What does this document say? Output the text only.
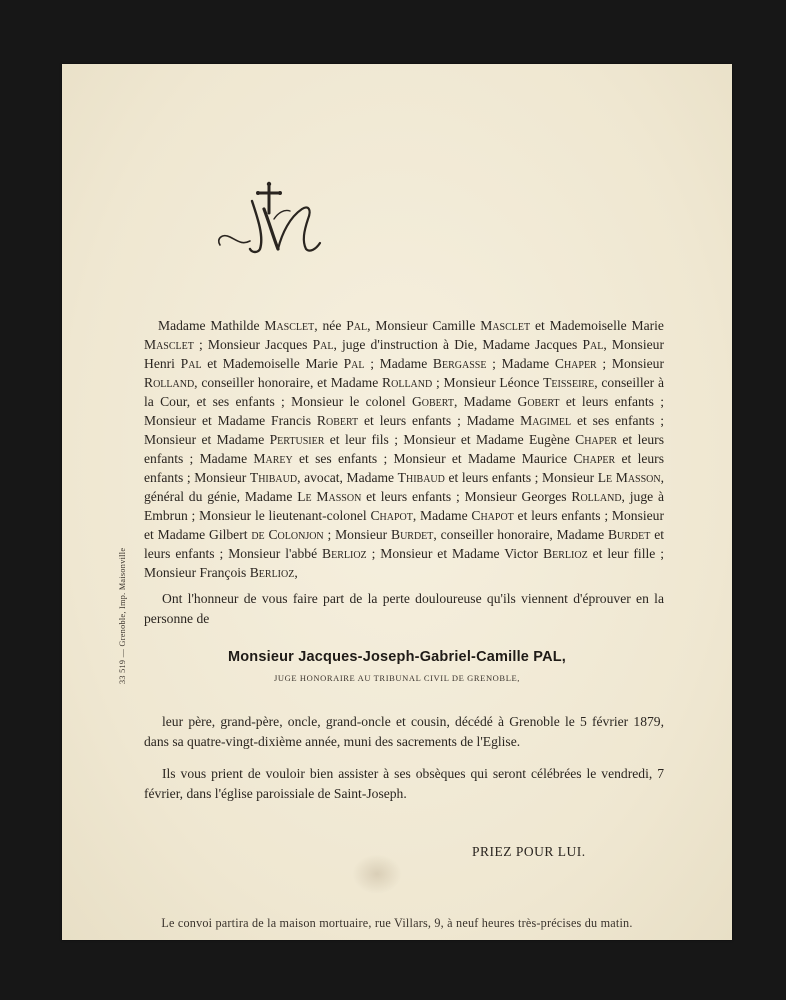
Madame Mathilde Masclet, née Pal, Monsieur Camille Masclet et Mademoiselle Marie Masclet ; Monsieur Jacques Pal, juge d'instruction à Die, Madame Jacques Pal, Monsieur Henri Pal et Mademoiselle Marie Pal ; Madame Bergasse ; Madame Chaper ; Monsieur Rolland, conseiller honoraire, et Madame Rolland ; Monsieur Léonce Teisseire, conseiller à la Cour, et ses enfants ; Monsieur le colonel Gobert, Madame Gobert et leurs enfants ; Monsieur et Madame Francis Robert et leurs enfants ; Madame Magimel et ses enfants ; Monsieur et Madame Pertusier et leur fils ; Monsieur et Madame Eugène Chaper et leurs enfants ; Madame Marey et ses enfants ; Monsieur et Madame Maurice Chaper et leurs enfants ; Monsieur Thibaud, avocat, Madame Thibaud et leurs enfants ; Monsieur Le Masson, général du génie, Madame Le Masson et leurs enfants ; Monsieur Georges Rolland, juge à Embrun ; Monsieur le lieutenant-colonel Chapot, Madame Chapot et leurs enfants ; Monsieur et Madame Gilbert de Colonjon ; Monsieur Burdet, conseiller honoraire, Madame Burdet et leurs enfants ; Monsieur l'abbé Berlioz ; Monsieur et Madame Victor Berlioz et leur fille ; Monsieur François Berlioz,

Ont l'honneur de vous faire part de la perte douloureuse qu'ils viennent d'éprouver en la personne de

Monsieur Jacques-Joseph-Gabriel-Camille PAL,
JUGE HONORAIRE AU TRIBUNAL CIVIL DE GRENOBLE,

leur père, grand-père, oncle, grand-oncle et cousin, décédé à Grenoble le 5 février 1879, dans sa quatre-vingt-dixième année, muni des sacrements de l'Eglise.

Ils vous prient de vouloir bien assister à ses obsèques qui seront célébrées le vendredi, 7 février, dans l'église paroissiale de Saint-Joseph.

PRIEZ POUR LUI.
Le convoi partira de la maison mortuaire, rue Villars, 9, à neuf heures très-précises du matin.
33 519 — Grenoble, Imp. Maisonville
